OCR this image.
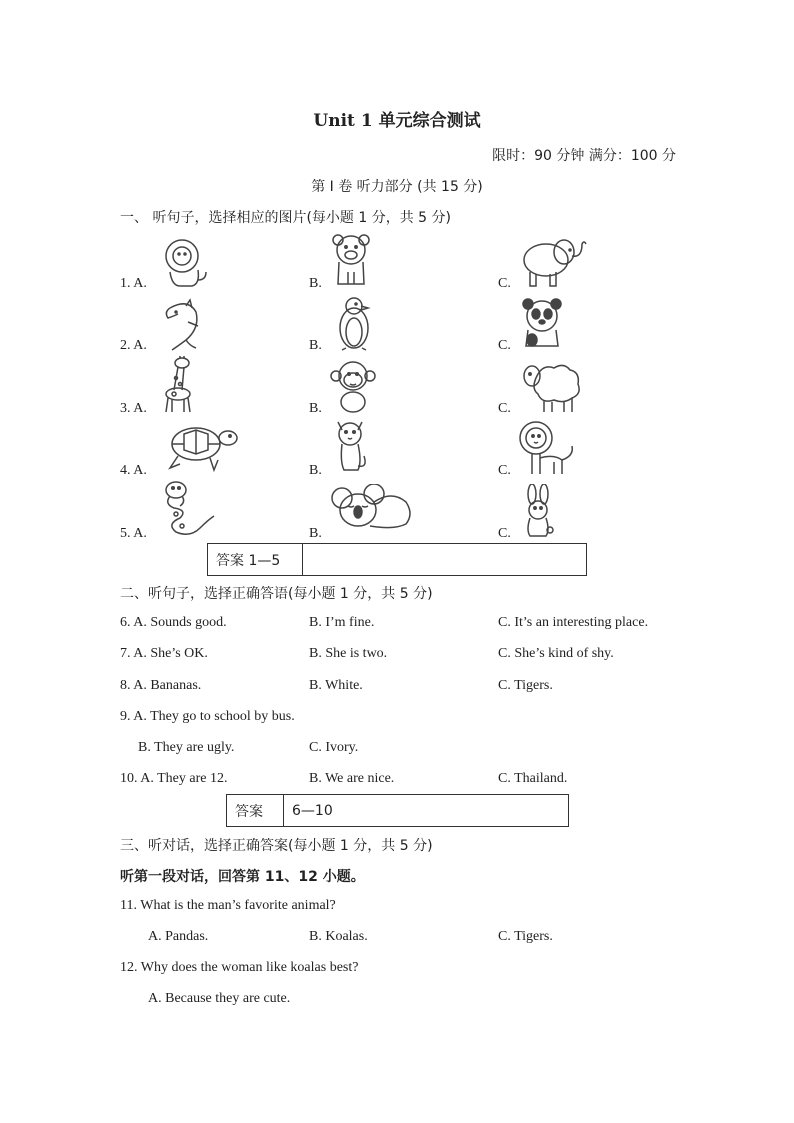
Unit 1 单元综合测试
限时：90 分钟 满分：100 分
第 I 卷 听力部分 (共 15 分)
一、 听句子，选择相应的图片(每小题 1 分，共 5 分)
1. A.	B.	C.
2. A.	B.	C.
3. A.	B.	C.
4. A.	B.	C.
5. A.	B.	C.
答案 1—5
二、听句子，选择正确答语(每小题 1 分，共 5 分)
6. A. Sounds good.	B. I’m fine.	C. It’s an interesting place.
7. A. She’s OK.	B. She is two.	C. She’s kind of shy.
8. A. Bananas.	B. White.	C. Tigers.
9. A. They go to school by bus.
B. They are ugly.	C. Ivory.
10. A. They are 12.	B. We are nice.	C. Thailand.
答案	6—10
三、听对话，选择正确答案(每小题 1 分，共 5 分)
听第一段对话，回答第 11、12 小题。
11. What is the man’s favorite animal?
A. Pandas.	B. Koalas.	C. Tigers.
12. Why does the woman like koalas best?
A. Because they are cute.
